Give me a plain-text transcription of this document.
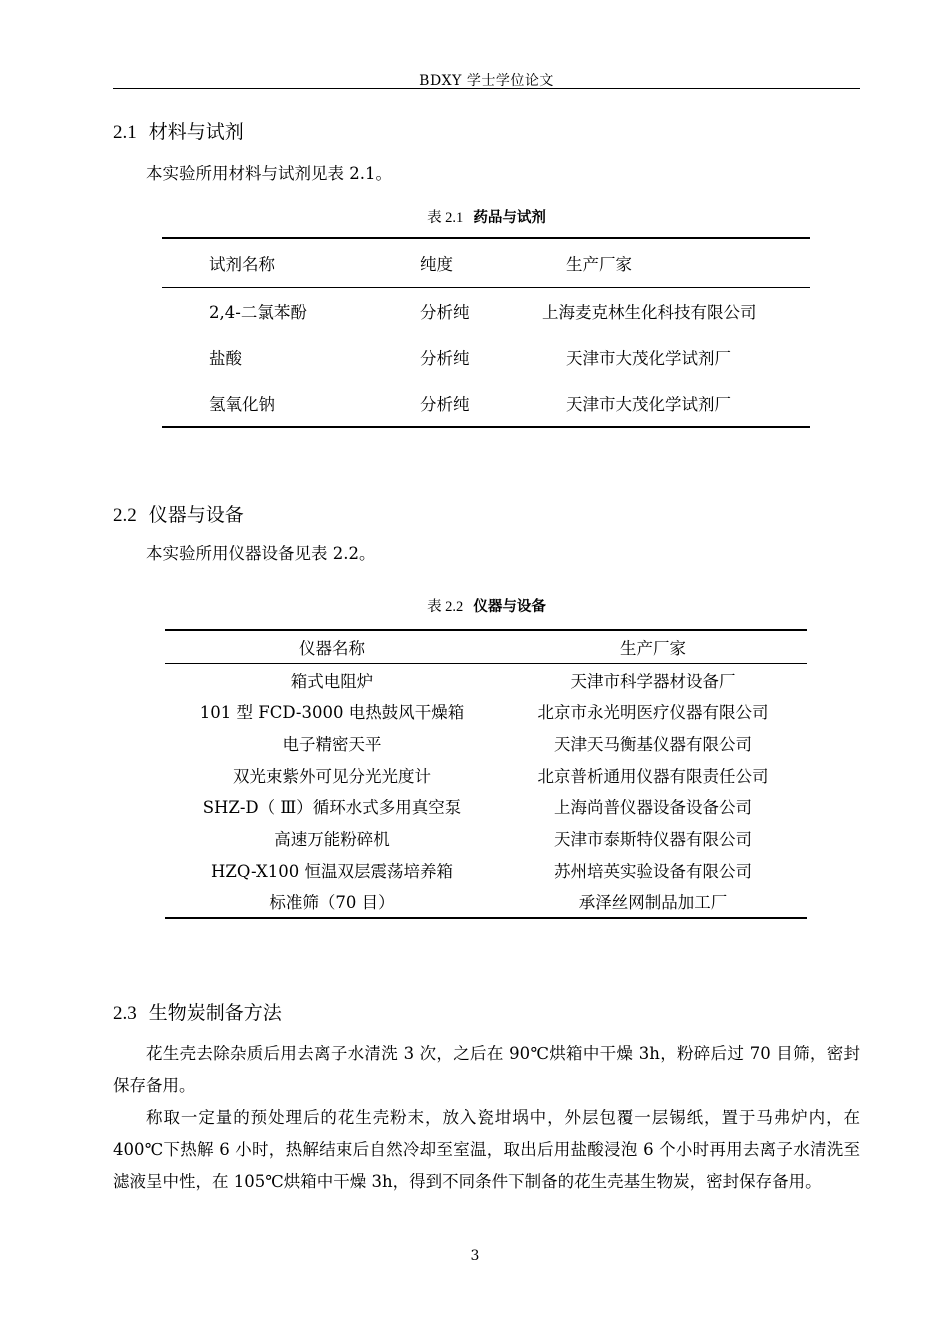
BDXY 学士学位论文
2.1 材料与试剂
本实验所用材料与试剂见表 2.1。
表 2.1 药品与试剂
试剂名称	纯度	生产厂家
2,4-二氯苯酚	分析纯	上海麦克林生化科技有限公司
盐酸	分析纯	天津市大茂化学试剂厂
氢氧化钠	分析纯	天津市大茂化学试剂厂
2.2 仪器与设备
本实验所用仪器设备见表 2.2。
表 2.2 仪器与设备
仪器名称	生产厂家
箱式电阻炉	天津市科学器材设备厂
101 型 FCD-3000 电热鼓风干燥箱	北京市永光明医疗仪器有限公司
电子精密天平	天津天马衡基仪器有限公司
双光束紫外可见分光光度计	北京普析通用仪器有限责任公司
SHZ-D（ Ⅲ）循环水式多用真空泵	上海尚普仪器设备设备公司
高速万能粉碎机	天津市泰斯特仪器有限公司
HZQ-X100 恒温双层震荡培养箱	苏州培英实验设备有限公司
标准筛（70 目）	承泽丝网制品加工厂
2.3 生物炭制备方法
花生壳去除杂质后用去离子水清洗 3 次，之后在 90℃烘箱中干燥 3h，粉碎后过 70 目筛，密封保存备用。
称取一定量的预处理后的花生壳粉末，放入瓷坩埚中，外层包覆一层锡纸，置于马弗炉内，在 400℃下热解 6 小时，热解结束后自然冷却至室温，取出后用盐酸浸泡 6 个小时再用去离子水清洗至滤液呈中性，在 105℃烘箱中干燥 3h，得到不同条件下制备的花生壳基生物炭，密封保存备用。
3
